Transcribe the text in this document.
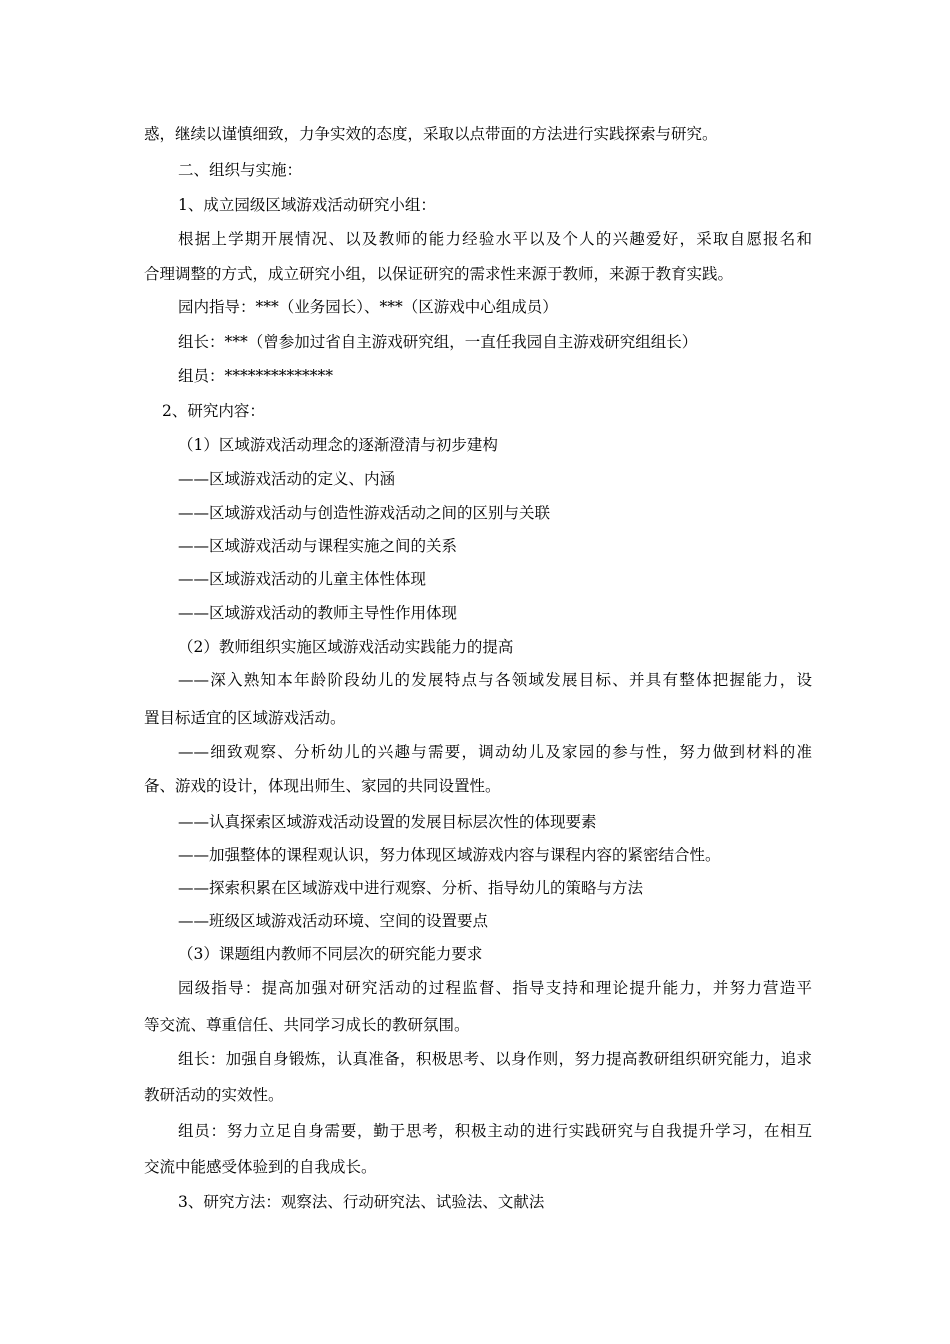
惑，继续以谨慎细致，力争实效的态度，采取以点带面的方法进行实践探索与研究。
二、组织与实施：
1、成立园级区域游戏活动研究小组：
根据上学期开展情况、以及教师的能力经验水平以及个人的兴趣爱好，采取自愿报名和
合理调整的方式，成立研究小组，以保证研究的需求性来源于教师，来源于教育实践。
园内指导：***（业务园长）、***（区游戏中心组成员）
组长：***（曾参加过省自主游戏研究组，一直任我园自主游戏研究组组长）
组员：**************
2、研究内容：
（1）区域游戏活动理念的逐渐澄清与初步建构
——区域游戏活动的定义、内涵
——区域游戏活动与创造性游戏活动之间的区别与关联
——区域游戏活动与课程实施之间的关系
——区域游戏活动的儿童主体性体现
——区域游戏活动的教师主导性作用体现
（2）教师组织实施区域游戏活动实践能力的提高
——深入熟知本年龄阶段幼儿的发展特点与各领域发展目标、并具有整体把握能力，设
置目标适宜的区域游戏活动。
——细致观察、分析幼儿的兴趣与需要，调动幼儿及家园的参与性，努力做到材料的准
备、游戏的设计，体现出师生、家园的共同设置性。
——认真探索区域游戏活动设置的发展目标层次性的体现要素
——加强整体的课程观认识，努力体现区域游戏内容与课程内容的紧密结合性。
——探索积累在区域游戏中进行观察、分析、指导幼儿的策略与方法
——班级区域游戏活动环境、空间的设置要点
（3）课题组内教师不同层次的研究能力要求
园级指导：提高加强对研究活动的过程监督、指导支持和理论提升能力，并努力营造平
等交流、尊重信任、共同学习成长的教研氛围。
组长：加强自身锻炼，认真准备，积极思考、以身作则，努力提高教研组织研究能力，追求
教研活动的实效性。
组员：努力立足自身需要，勤于思考，积极主动的进行实践研究与自我提升学习，在相互
交流中能感受体验到的自我成长。
3、研究方法：观察法、行动研究法、试验法、文献法
